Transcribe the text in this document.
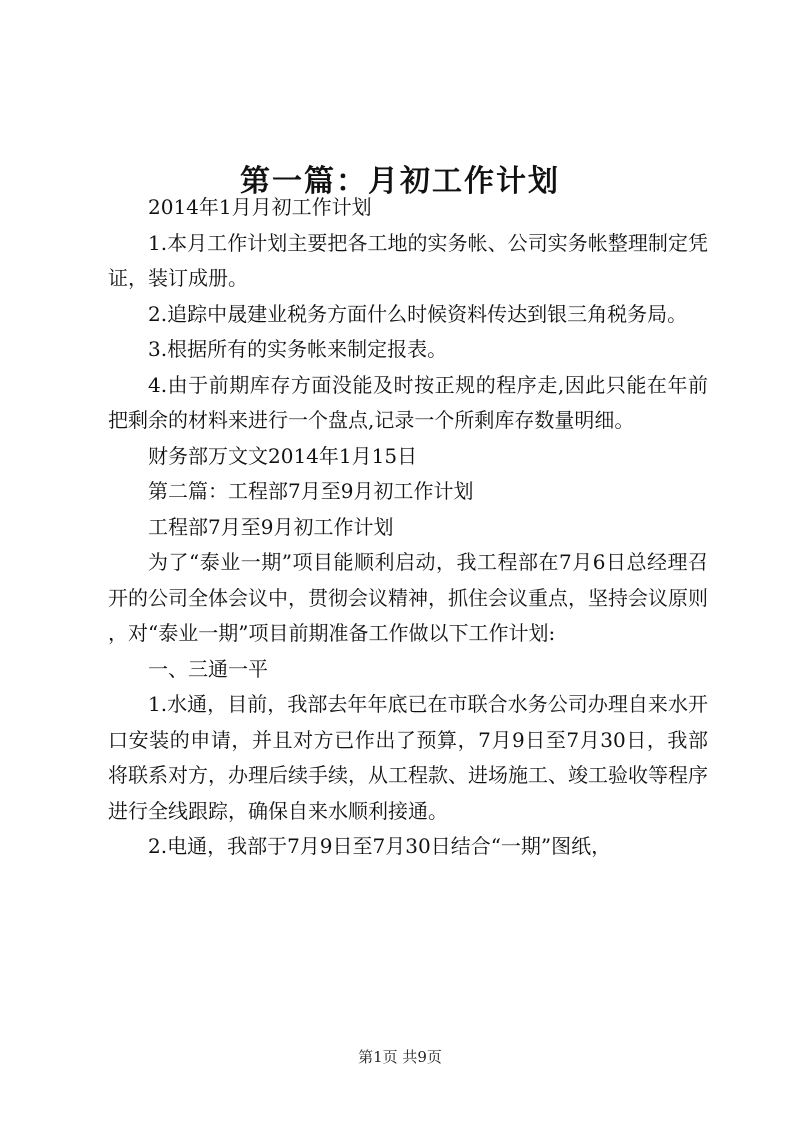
第一篇：月初工作计划

2014年1月月初工作计划

1.本月工作计划主要把各工地的实务帐、公司实务帐整理制定凭证，装订成册。

2.追踪中晟建业税务方面什么时候资料传达到银三角税务局。

3.根据所有的实务帐来制定报表。

4.由于前期库存方面没能及时按正规的程序走,因此只能在年前把剩余的材料来进行一个盘点,记录一个所剩库存数量明细。

财务部万文文2014年1月15日

第二篇：工程部7月至9月初工作计划

工程部7月至9月初工作计划

为了“泰业一期”项目能顺利启动，我工程部在7月6日总经理召开的公司全体会议中，贯彻会议精神，抓住会议重点，坚持会议原则，对“泰业一期”项目前期准备工作做以下工作计划:

一、三通一平

1.水通，目前，我部去年年底已在市联合水务公司办理自来水开口安装的申请，并且对方已作出了预算，7月9日至7月30日，我部将联系对方，办理后续手续，从工程款、进场施工、竣工验收等程序进行全线跟踪，确保自来水顺利接通。

2.电通，我部于7月9日至7月30日结合“一期”图纸，

第1页 共9页
